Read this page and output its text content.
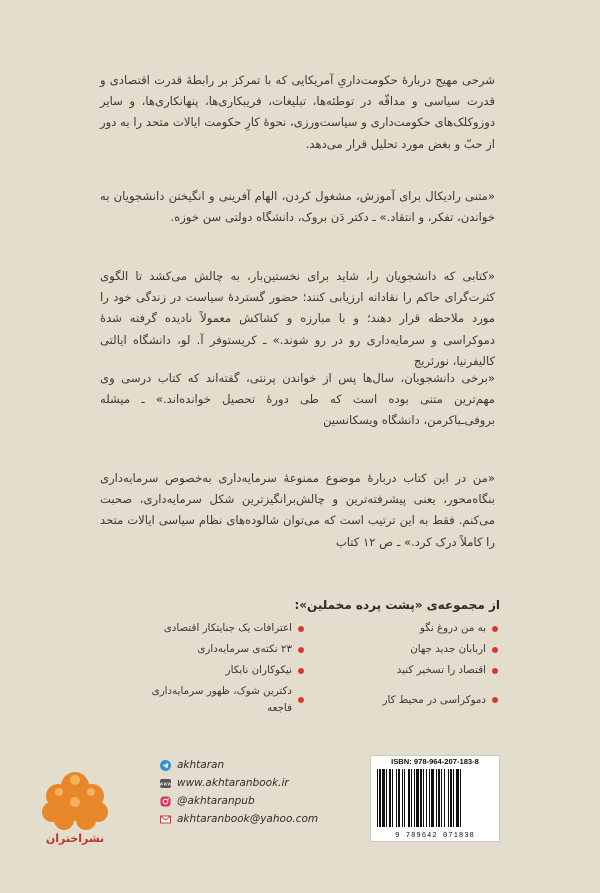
شرحی مهیج دربارهٔ حکومت‌داریِ آمریکایی که با تمرکز بر رابطهٔ قدرت اقتصادی و قدرت سیاسی و مداقّه در توطئه‌ها، تبلیغات، فریبکاری‌ها، پنهانکاری‌ها، و سایر دوزوکلک‌های حکومت‌داری و سیاست‌ورزی، نحوهٔ کارِ حکومت ایالات متحد را به دور از حبّ و بغض مورد تحلیل قرار می‌دهد.
«متنی رادیکال برای آموزش، مشغول کردن، الهام آفرینی و انگیختن دانشجویان به خواندن، تفکر، و انتقاد.» ـ دکتر دَن بروک، دانشگاه دولتی سن خوزه.
«کتابی که دانشجویان را، شاید برای نخستین‌بار، به چالش می‌کشد تا الگوی کثرت‌گرای حاکم را نقادانه ارزیابی کنند؛ حضور گستردهٔ سیاست در زندگی خود را مورد ملاحظه قرار دهند؛ و با مبارزه و کشاکش معمولاً نادیده گرفته شدهٔ دموکراسی و سرمایه‌داری رو در رو شوند.» ـ کریستوفر آ. لو، دانشگاه ایالتی کالیفرنیا، نورثریج
«برخی دانشجویان، سال‌ها پس از خواندن پرنتی، گفته‌اند که کتاب درسی وی مهم‌ترین متنی بوده است که طی دورهٔ تحصیل خوانده‌اند.» ـ میشله بروفی‌ـباکرمن، دانشگاه ویسکانسین
«من در این کتاب دربارهٔ موضوع ممنوعهٔ سرمایه‌داری به‌خصوص سرمایه‌داری بنگاه‌محور، یعنی پیشرفته‌ترین و چالش‌برانگیزترین شکل سرمایه‌داری، صحبت می‌کنم. فقط به این ترتیب است که می‌توان شالوده‌های نظام سیاسی ایالات متحد را کاملاً درک کرد.» ـ ص ۱۲ کتاب
از مجموعه‌ی «پشت پرده مخملین»:
به من دروغ نگو
اعترافات یک جنایتکار اقتصادی
اربابان جدید جهان
۲۳ نکته‌ی سرمایه‌داری
اقتصاد را تسخیر کنید
نیکوکاران نابکار
دموکراسی در محیط کار
دکترین شوک، ظهور سرمایه‌داری فاجعه
نشراختران
akhtaran
www www.akhtaranbook.ir
@akhtaranpub
akhtaranbook@yahoo.com
ISBN: 978-964-207-183-8
9 789642 071838
